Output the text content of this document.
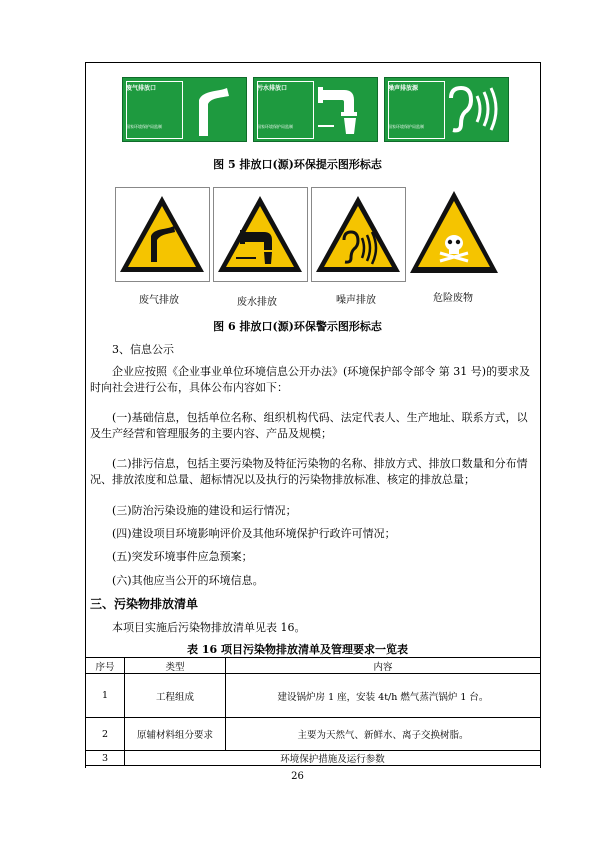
废气排放口
国家环境保护局监制
污水排放口
国家环境保护局监制
噪声排放源
国家环境保护局监制
图 5 排放口(源)环保提示图形标志
废气排放	废水排放	噪声排放	危险废物
图 6 排放口(源)环保警示图形标志
3、信息公示
企业应按照《企业事业单位环境信息公开办法》(环境保护部令部令 第 31 号)的要求及时向社会进行公布，具体公布内容如下：
(一)基础信息，包括单位名称、组织机构代码、法定代表人、生产地址、联系方式，以及生产经营和管理服务的主要内容、产品及规模；
(二)排污信息，包括主要污染物及特征污染物的名称、排放方式、排放口数量和分布情况、排放浓度和总量、超标情况以及执行的污染物排放标准、核定的排放总量；
(三)防治污染设施的建设和运行情况；
(四)建设项目环境影响评价及其他环境保护行政许可情况；
(五)突发环境事件应急预案；
(六)其他应当公开的环境信息。
三、污染物排放清单
本项目实施后污染物排放清单见表 16。
表 16 项目污染物排放清单及管理要求一览表
序号	类型	内容
1	工程组成	建设锅炉房 1 座，安装 4t/h 燃气蒸汽锅炉 1 台。
2	原辅材料组分要求	主要为天然气、新鲜水、离子交换树脂。
3	环境保护措施及运行参数	
26
